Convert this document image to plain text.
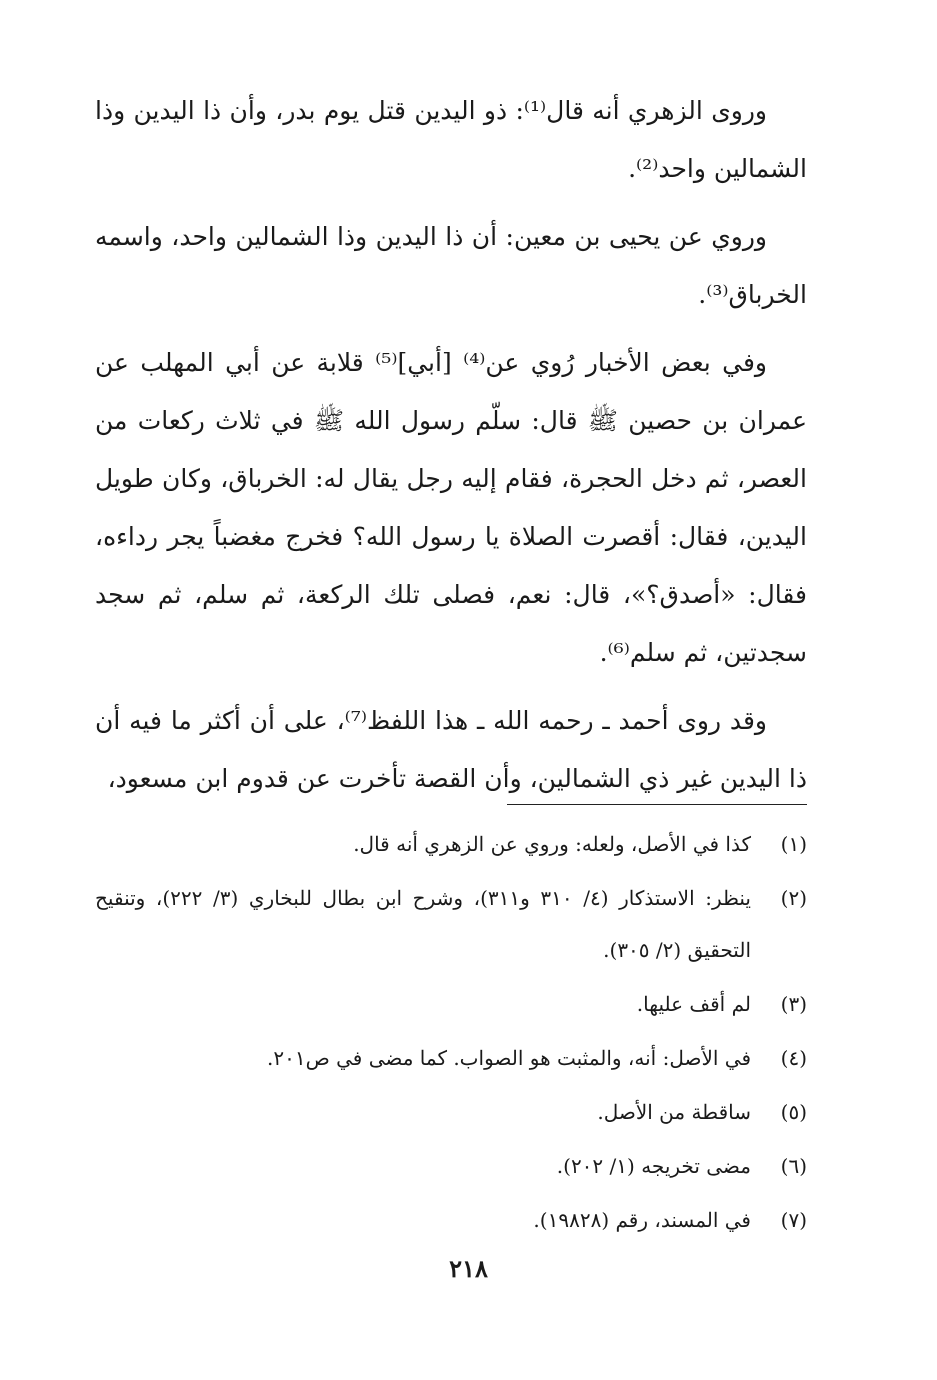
وروى الزهري أنه قال⁽¹⁾: ذو اليدين قتل يوم بدر، وأن ذا اليدين وذا الشمالين واحد⁽²⁾.

وروي عن يحيى بن معين: أن ذا اليدين وذا الشمالين واحد، واسمه الخرباق⁽³⁾.

وفي بعض الأخبار رُوي عن⁽⁴⁾ [أبي]⁽⁵⁾ قلابة عن أبي المهلب عن عمران بن حصين ﷺ قال: سلّم رسول الله ﷺ في ثلاث ركعات من العصر، ثم دخل الحجرة، فقام إليه رجل يقال له: الخرباق، وكان طويل اليدين، فقال: أقصرت الصلاة يا رسول الله؟ فخرج مغضباً يجر رداءه، فقال: «أصدق؟»، قال: نعم، فصلى تلك الركعة، ثم سلم، ثم سجد سجدتين، ثم سلم⁽⁶⁾.

وقد روى أحمد ـ رحمه الله ـ هذا اللفظ⁽⁷⁾، على أن أكثر ما فيه أن ذا اليدين غير ذي الشمالين، وأن القصة تأخرت عن قدوم ابن مسعود،

(١)
كذا في الأصل، ولعله: وروي عن الزهري أنه قال.
(٢)
ينظر: الاستذكار (٤/ ٣١٠ و٣١١)، وشرح ابن بطال للبخاري (٣/ ٢٢٢)، وتنقيح التحقيق (٢/ ٣٠٥).
(٣)
لم أقف عليها.
(٤)
في الأصل: أنه، والمثبت هو الصواب. كما مضى في ص٢٠١.
(٥)
ساقطة من الأصل.
(٦)
مضى تخريجه (١/ ٢٠٢).
(٧)
في المسند، رقم (١٩٨٢٨).
٢١٨
